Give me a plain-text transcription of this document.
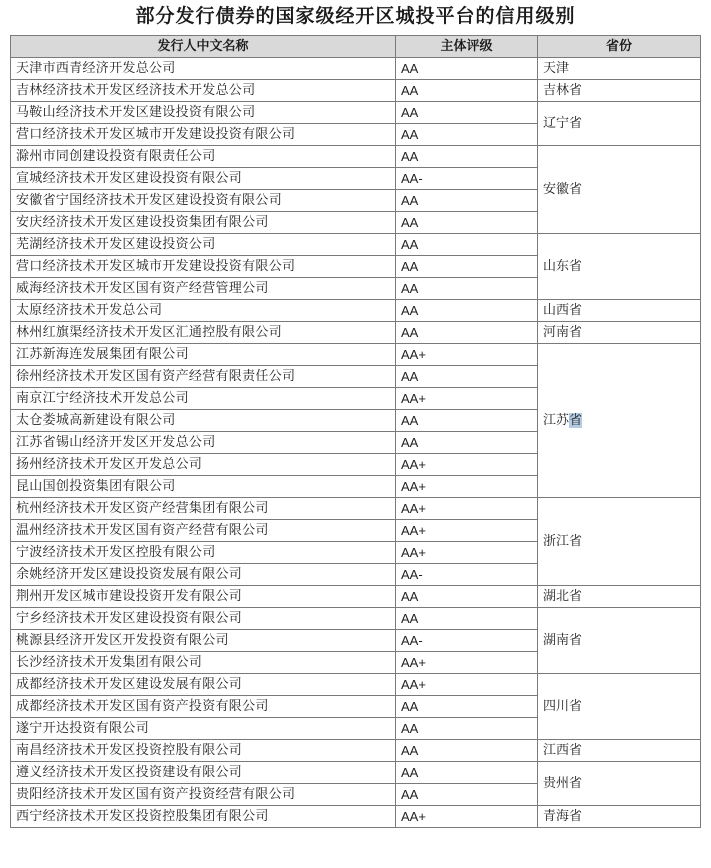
部分发行债券的国家级经开区城投平台的信用级别
发行人中文名称	主体评级	省份
天津市西青经济开发总公司	AA	天津
吉林经济技术开发区经济技术开发总公司	AA	吉林省
马鞍山经济技术开发区建设投资有限公司	AA	辽宁省
营口经济技术开发区城市开发建设投资有限公司	AA	
滁州市同创建设投资有限责任公司	AA	安徽省
宣城经济技术开发区建设投资有限公司	AA-	
安徽省宁国经济技术开发区建设投资有限公司	AA	
安庆经济技术开发区建设投资集团有限公司	AA	
芜湖经济技术开发区建设投资公司	AA	山东省
营口经济技术开发区城市开发建设投资有限公司	AA	
威海经济技术开发区国有资产经营管理公司	AA	
太原经济技术开发总公司	AA	山西省
林州红旗渠经济技术开发区汇通控股有限公司	AA	河南省
江苏新海连发展集团有限公司	AA+	江苏省
徐州经济技术开发区国有资产经营有限责任公司	AA	
南京江宁经济技术开发总公司	AA+	
太仓娄城高新建设有限公司	AA	
江苏省锡山经济开发区开发总公司	AA	
扬州经济技术开发区开发总公司	AA+	
昆山国创投资集团有限公司	AA+	
杭州经济技术开发区资产经营集团有限公司	AA+	浙江省
温州经济技术开发区国有资产经营有限公司	AA+	
宁波经济技术开发区控股有限公司	AA+	
余姚经济开发区建设投资发展有限公司	AA-	
荆州开发区城市建设投资开发有限公司	AA	湖北省
宁乡经济技术开发区建设投资有限公司	AA	湖南省
桃源县经济开发区开发投资有限公司	AA-	
长沙经济技术开发集团有限公司	AA+	
成都经济技术开发区建设发展有限公司	AA+	四川省
成都经济技术开发区国有资产投资有限公司	AA	
遂宁开达投资有限公司	AA	
南昌经济技术开发区投资控股有限公司	AA	江西省
遵义经济技术开发区投资建设有限公司	AA	贵州省
贵阳经济技术开发区国有资产投资经营有限公司	AA	
西宁经济技术开发区投资控股集团有限公司	AA+	青海省
